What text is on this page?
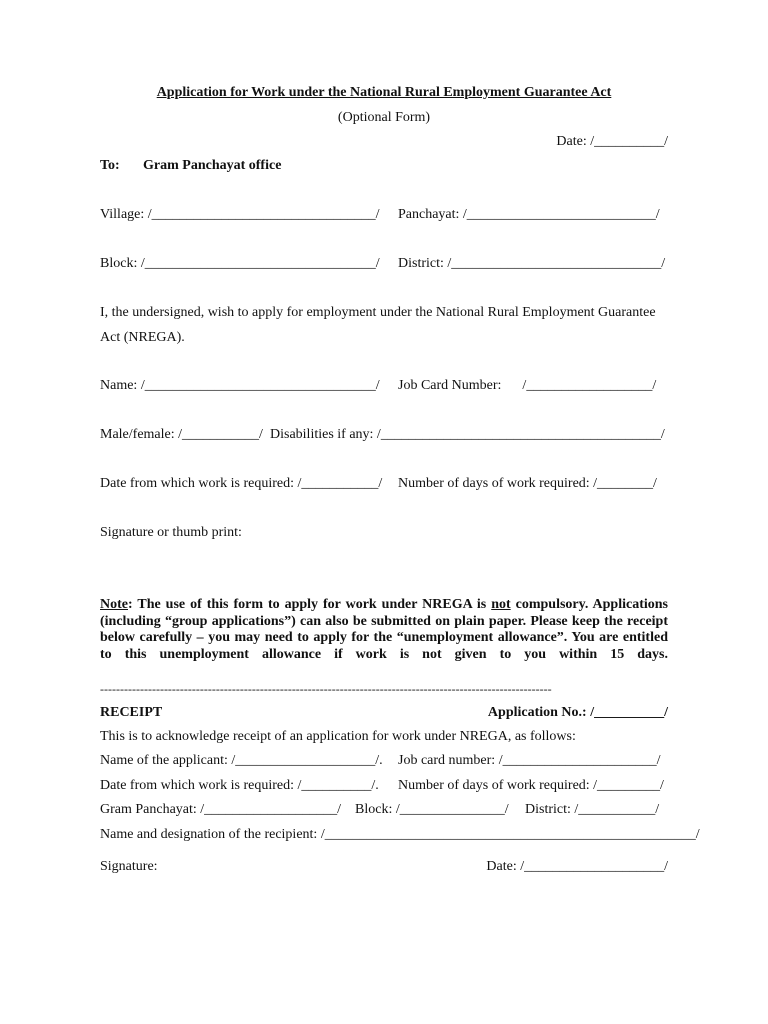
Application for Work under the National Rural Employment Guarantee Act
(Optional Form)
Date: /__________/
To: Gram Panchayat office
Village: /________________________________/ Panchayat: /___________________________/
Block: /_________________________________/ District: /______________________________/
I, the undersigned, wish to apply for employment under the National Rural Employment Guarantee
Act (NREGA).
Name: /_________________________________/ Job Card Number:      /__________________/
Male/female: /___________/ Disabilities if any: /________________________________________/
Date from which work is required: /___________/ Number of days of work required: /________/
Signature or thumb print:
Note: The use of this form to apply for work under NREGA is not compulsory. Applications (including “group applications”) can also be submitted on plain paper. Please keep the receipt below carefully – you may need to apply for the “unemployment allowance”. You are entitled to this unemployment allowance if work is not given to you within 15 days.
-----------------------------------------------------------------------------------------------------------------
RECEIPT	Application No.: /__________/
This is to acknowledge receipt of an application for work under NREGA, as follows:
Name of the applicant: /____________________/. Job card number: /______________________/
Date from which work is required: /__________/. Number of days of work required: /_________/
Gram Panchayat: /___________________/ Block: /_______________/ District: /___________/
Name and designation of the recipient: /_____________________________________________________/
Signature:	Date: /____________________/
